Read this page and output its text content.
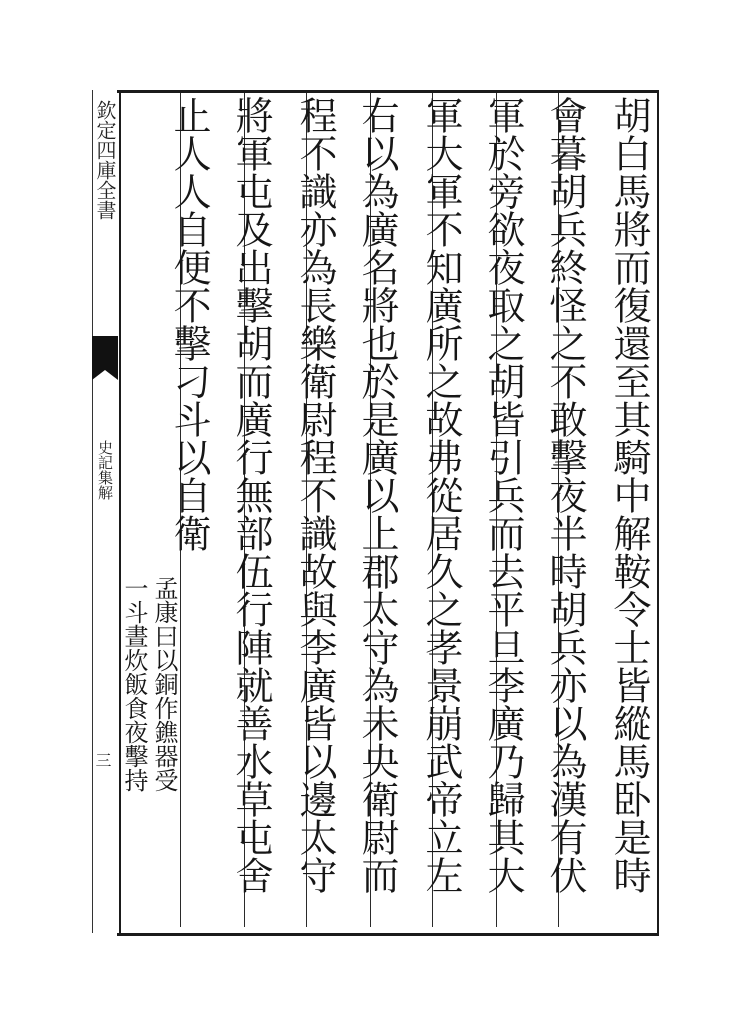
欽定四庫全書
史記集解
三	胡白馬將而復還至其騎中解鞍令士皆縱馬卧是時
會暮胡兵終怪之不敢擊夜半時胡兵亦以為漢有伏
軍於旁欲夜取之胡皆引兵而去平旦李廣乃歸其大
軍大軍不知廣所之故弗從居久之孝景崩武帝立左
右以為廣名將也於是廣以上郡太守為未央衛尉而
程不識亦為長樂衛尉程不識故與李廣皆以邊太守
將軍屯及出擊胡而廣行無部伍行陣就善水草屯舍
止人人自便不擊刁斗以自衛
孟康曰以銅作鐎器受
一斗晝炊飯食夜擊持
